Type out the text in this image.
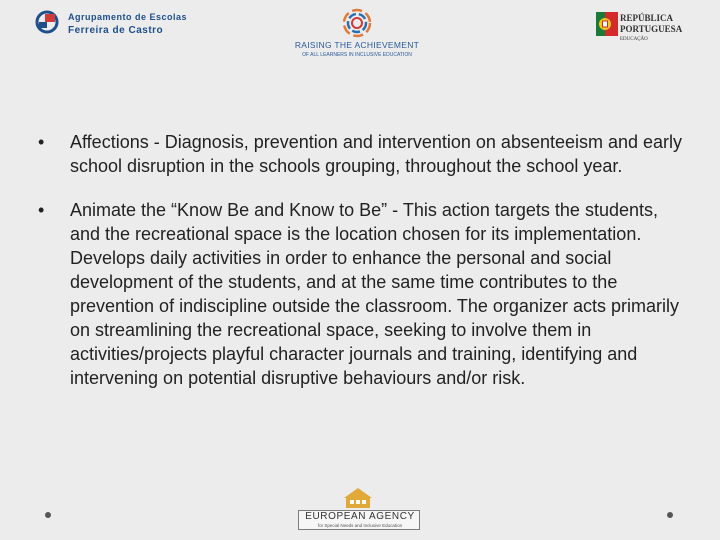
Agrupamento de Escolas
Ferreira de Castro
RAISING THE ACHIEVEMENT
OF ALL LEARNERS IN INCLUSIVE EDUCATION
REPÚBLICA
PORTUGUESA
EDUCAÇÃO
• Affections - Diagnosis, prevention and intervention on absenteeism and early school disruption in the schools grouping, throughout the school year.
• Animate the “Know Be and Know to Be” - This action targets the students, and the recreational space is the location chosen for its implementation. Develops daily activities in order to enhance the personal and social development of the students, and at the same time contributes to the prevention of indiscipline outside the classroom. The organizer acts primarily on streamlining the recreational space, seeking to involve them in activities/projects playful character journals and training, identifying and intervening on potential disruptive behaviours and/or risk.
EUROPEAN AGENCY
for Special Needs and Inclusive Education
